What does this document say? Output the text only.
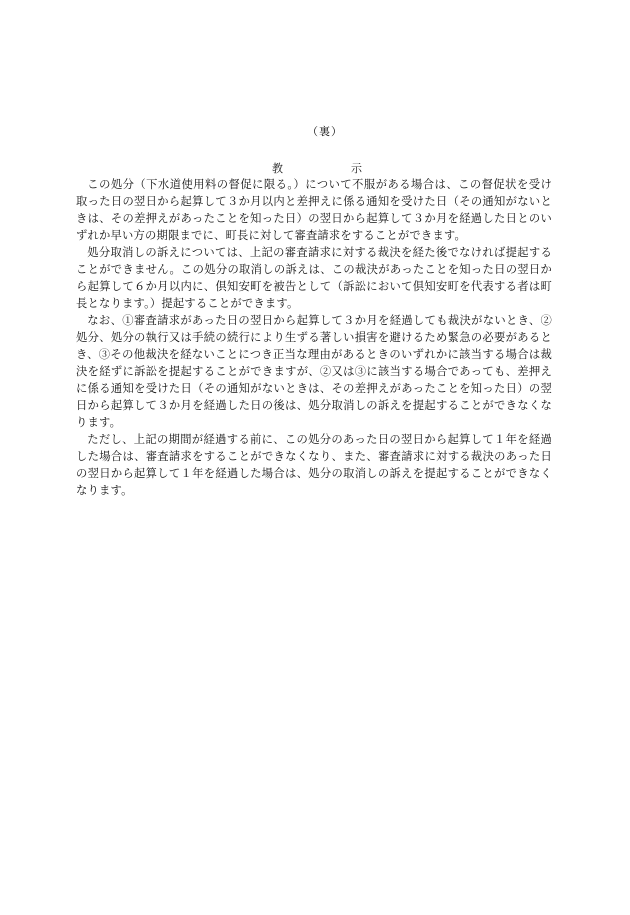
（裏）
教	示

この処分（下水道使用料の督促に限る。）について不服がある場合は、この督促状を受け取った日の翌日から起算して３か月以内と差押えに係る通知を受けた日（その通知がないときは、その差押えがあったことを知った日）の翌日から起算して３か月を経過した日とのいずれか早い方の期限までに、町長に対して審査請求をすることができます。

処分取消しの訴えについては、上記の審査請求に対する裁決を経た後でなければ提起することができません。この処分の取消しの訴えは、この裁決があったことを知った日の翌日から起算して６か月以内に、倶知安町を被告として（訴訟において倶知安町を代表する者は町長となります。）提起することができます。

なお、①審査請求があった日の翌日から起算して３か月を経過しても裁決がないとき、②処分、処分の執行又は手続の続行により生ずる著しい損害を避けるため緊急の必要があるとき、③その他裁決を経ないことにつき正当な理由があるときのいずれかに該当する場合は裁決を経ずに訴訟を提起することができますが、②又は③に該当する場合であっても、差押えに係る通知を受けた日（その通知がないときは、その差押えがあったことを知った日）の翌日から起算して３か月を経過した日の後は、処分取消しの訴えを提起することができなくなります。

ただし、上記の期間が経過する前に、この処分のあった日の翌日から起算して１年を経過した場合は、審査請求をすることができなくなり、また、審査請求に対する裁決のあった日の翌日から起算して１年を経過した場合は、処分の取消しの訴えを提起することができなくなります。
